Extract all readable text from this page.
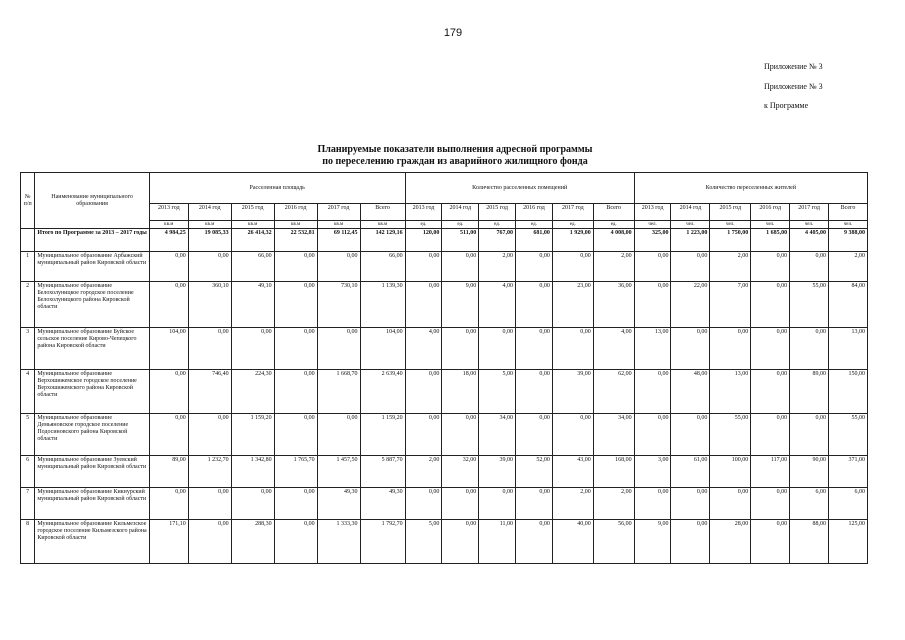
179
Приложение № 3
Приложение № 3
к Программе
Планируемые показатели выполнения адресной программы
по переселению граждан из аварийного жилищного фонда
№ п/п	Наименование муниципального образования	Расселенная площадь						Количество расселенных помещений						Количество переселенных жителей					
		2013 год	2014 год	2015 год	2016 год	2017 год	Всего	2013 год	2014 год	2015 год	2016 год	2017 год	Всего	2013 год	2014 год	2015 год	2016 год	2017 год	Всего
		кв.м	кв.м	кв.м	кв.м	кв.м	кв.м	ед.	ед.	ед.	ед.	ед.	ед.	чел.	чел.	чел.	чел.	чел.	чел.
	Итого по Программе за 2013 – 2017 годы	4 984,25	19 085,33	26 414,32	22 532,81	69 112,45	142 129,16	120,00	511,00	767,00	681,00	1 929,00	4 008,00	325,00	1 223,00	1 750,00	1 685,00	4 405,00	9 388,00
1	Муниципальное образование Арбажский муниципальный район Кировской области	0,00	0,00	66,00	0,00	0,00	66,00	0,00	0,00	2,00	0,00	0,00	2,00	0,00	0,00	2,00	0,00	0,00	2,00
2	Муниципальное образование Белохолуницкое городское поселение Белохолуницкого района Кировской области	0,00	360,10	49,10	0,00	730,10	1 139,30	0,00	9,00	4,00	0,00	23,00	36,00	0,00	22,00	7,00	0,00	55,00	84,00
3	Муниципальное образование Буйское сельское поселение Кирово-Чепецкого района Кировской области	104,00	0,00	0,00	0,00	0,00	104,00	4,00	0,00	0,00	0,00	0,00	4,00	13,00	0,00	0,00	0,00	0,00	13,00
4	Муниципальное образование Верхошижемское городское поселение Верхошижемского района Кировской области	0,00	746,40	224,30	0,00	1 668,70	2 639,40	0,00	18,00	5,00	0,00	39,00	62,00	0,00	48,00	13,00	0,00	89,00	150,00
5	Муниципальное образование Демьяновское городское поселение Подосиновского района Кировской области	0,00	0,00	1 159,20	0,00	0,00	1 159,20	0,00	0,00	34,00	0,00	0,00	34,00	0,00	0,00	55,00	0,00	0,00	55,00
6	Муниципальное образование Зуевский муниципальный район Кировской области	89,00	1 232,70	1 342,80	1 765,70	1 457,50	5 887,70	2,00	32,00	39,00	52,00	43,00	168,00	3,00	61,00	100,00	117,00	90,00	371,00
7	Муниципальное образование Кикнурский муниципальный район Кировской области	0,00	0,00	0,00	0,00	49,30	49,30	0,00	0,00	0,00	0,00	2,00	2,00	0,00	0,00	0,00	0,00	6,00	6,00
8	Муниципальное образование Кильмезское городское поселение Кильмезского района Кировской области	171,10	0,00	288,30	0,00	1 333,30	1 792,70	5,00	0,00	11,00	0,00	40,00	56,00	9,00	0,00	28,00	0,00	88,00	125,00
